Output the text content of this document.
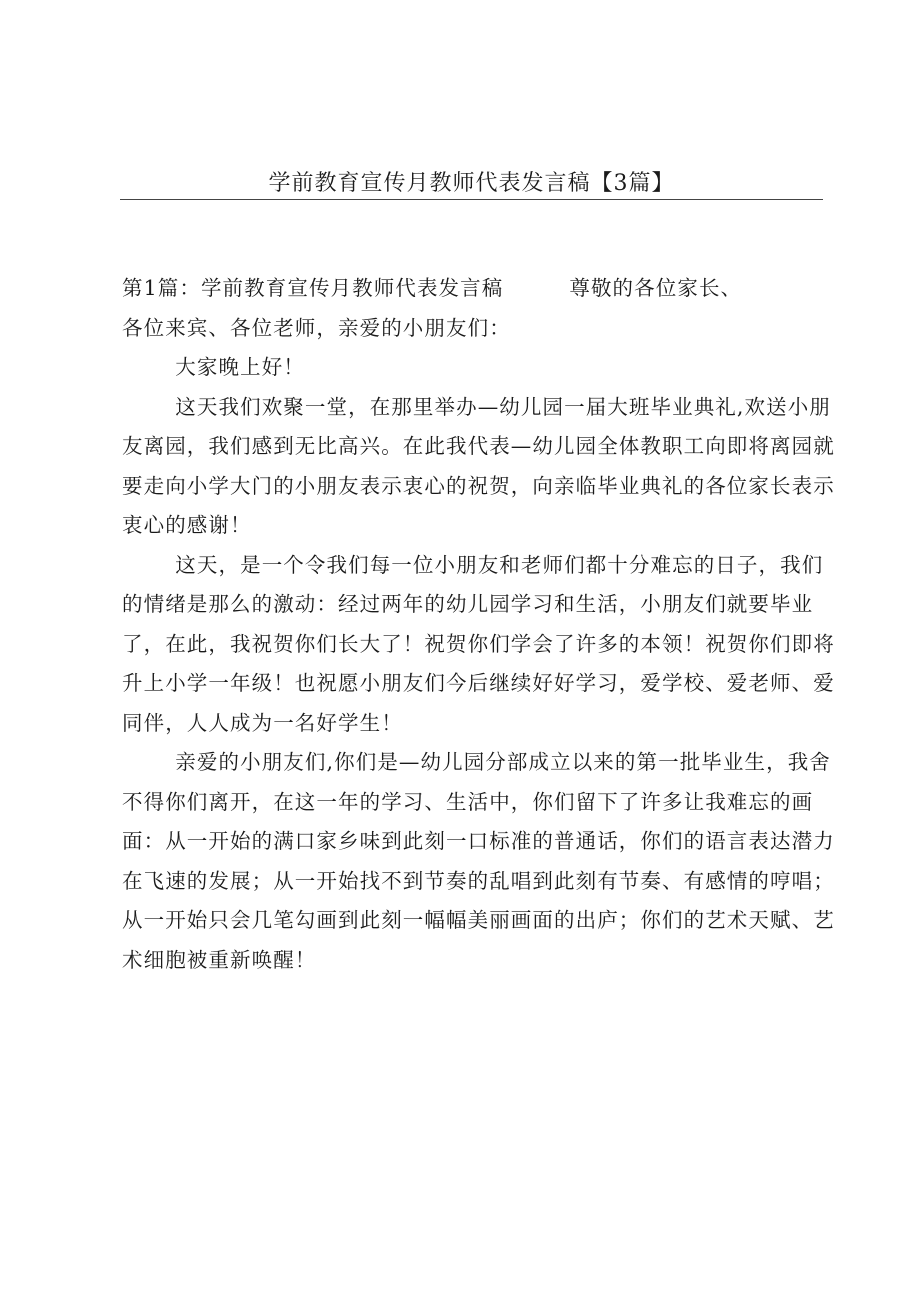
学前教育宣传月教师代表发言稿【3篇】

第1篇：学前教育宣传月教师代表发言稿	尊敬的各位家长、
各位来宾、各位老师，亲爱的小朋友们：

大家晚上好！

这天我们欢聚一堂，在那里举办—幼儿园一届大班毕业典礼,欢送小朋友离园，我们感到无比高兴。在此我代表—幼儿园全体教职工向即将离园就要走向小学大门的小朋友表示衷心的祝贺，向亲临毕业典礼的各位家长表示衷心的感谢！

这天，是一个令我们每一位小朋友和老师们都十分难忘的日子，我们的情绪是那么的激动：经过两年的幼儿园学习和生活，小朋友们就要毕业了，在此，我祝贺你们长大了！祝贺你们学会了许多的本领！祝贺你们即将升上小学一年级！也祝愿小朋友们今后继续好好学习，爱学校、爱老师、爱同伴，人人成为一名好学生！

亲爱的小朋友们,你们是—幼儿园分部成立以来的第一批毕业生，我舍不得你们离开，在这一年的学习、生活中，你们留下了许多让我难忘的画面：从一开始的满口家乡味到此刻一口标准的普通话，你们的语言表达潜力在飞速的发展；从一开始找不到节奏的乱唱到此刻有节奏、有感情的哼唱；从一开始只会几笔勾画到此刻一幅幅美丽画面的出庐；你们的艺术天赋、艺术细胞被重新唤醒！
